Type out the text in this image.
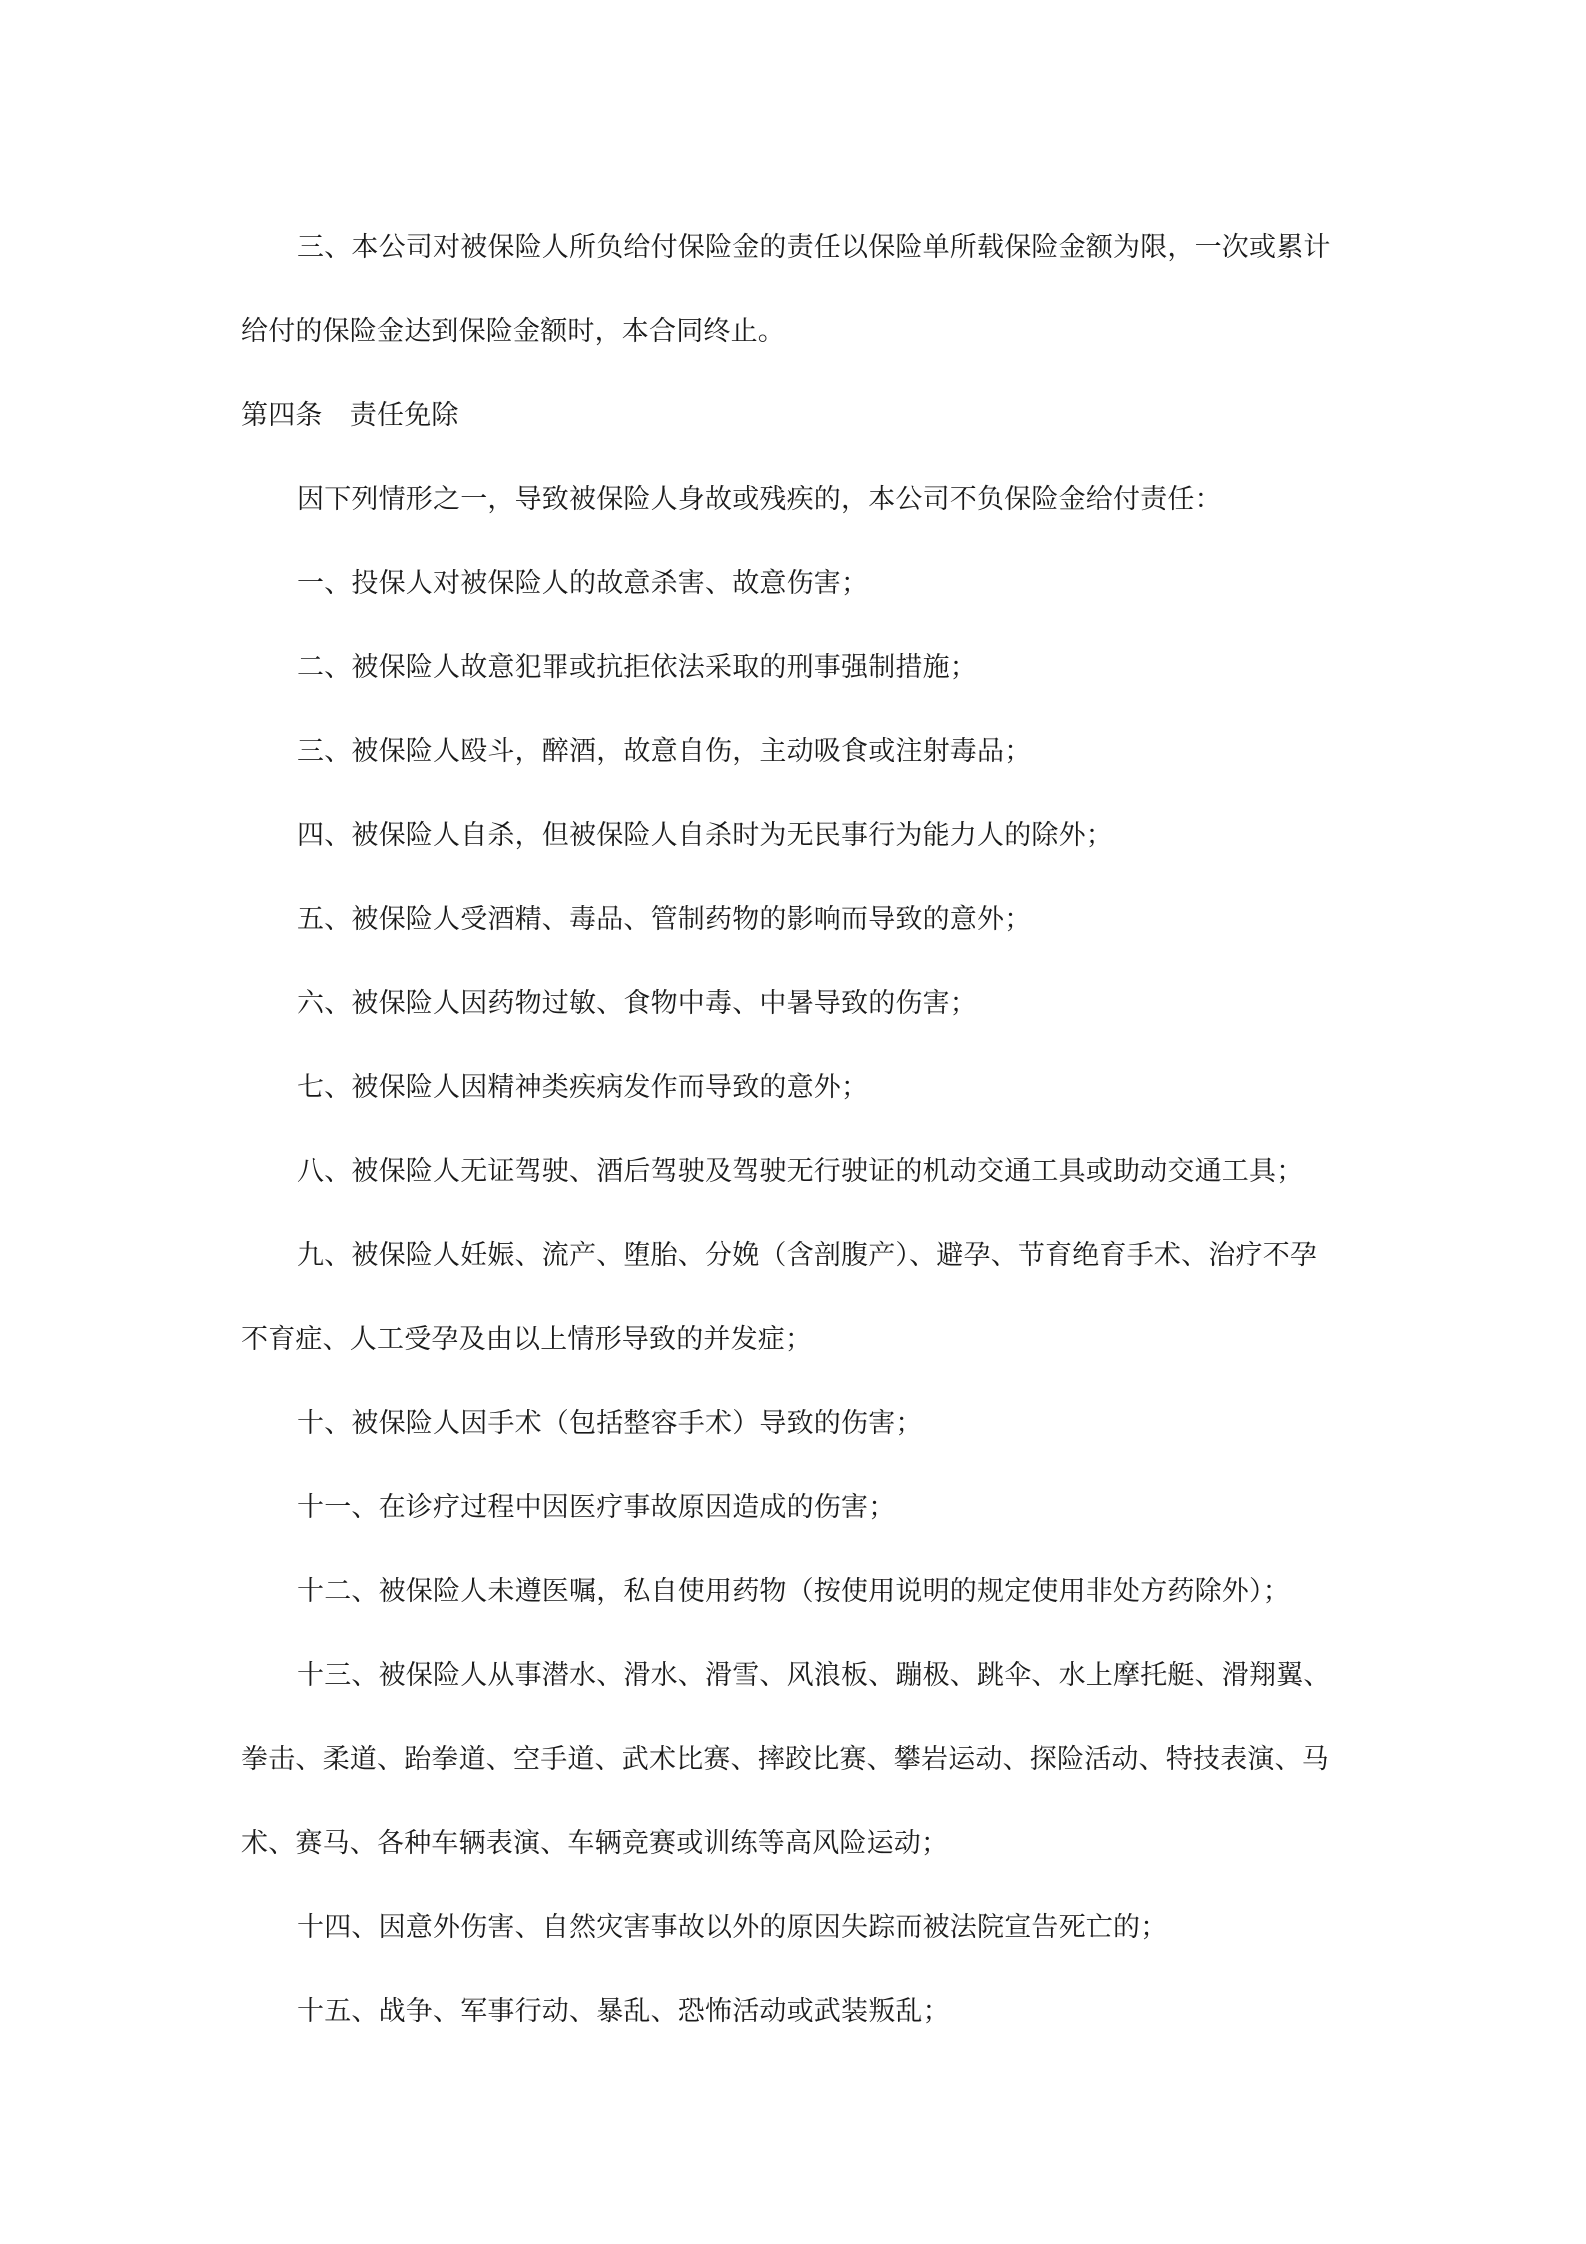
三、本公司对被保险人所负给付保险金的责任以保险单所载保险金额为限，一次或累计
给付的保险金达到保险金额时，本合同终止。
第四条　责任免除
因下列情形之一，导致被保险人身故或残疾的，本公司不负保险金给付责任：
一、投保人对被保险人的故意杀害、故意伤害；
二、被保险人故意犯罪或抗拒依法采取的刑事强制措施；
三、被保险人殴斗，醉酒，故意自伤，主动吸食或注射毒品；
四、被保险人自杀，但被保险人自杀时为无民事行为能力人的除外；
五、被保险人受酒精、毒品、管制药物的影响而导致的意外；
六、被保险人因药物过敏、食物中毒、中暑导致的伤害；
七、被保险人因精神类疾病发作而导致的意外；
八、被保险人无证驾驶、酒后驾驶及驾驶无行驶证的机动交通工具或助动交通工具；
九、被保险人妊娠、流产、堕胎、分娩（含剖腹产）、避孕、节育绝育手术、治疗不孕
不育症、人工受孕及由以上情形导致的并发症；
十、被保险人因手术（包括整容手术）导致的伤害；
十一、在诊疗过程中因医疗事故原因造成的伤害；
十二、被保险人未遵医嘱，私自使用药物（按使用说明的规定使用非处方药除外）；
十三、被保险人从事潜水、滑水、滑雪、风浪板、蹦极、跳伞、水上摩托艇、滑翔翼、
拳击、柔道、跆拳道、空手道、武术比赛、摔跤比赛、攀岩运动、探险活动、特技表演、马
术、赛马、各种车辆表演、车辆竞赛或训练等高风险运动；
十四、因意外伤害、自然灾害事故以外的原因失踪而被法院宣告死亡的；
十五、战争、军事行动、暴乱、恐怖活动或武装叛乱；
